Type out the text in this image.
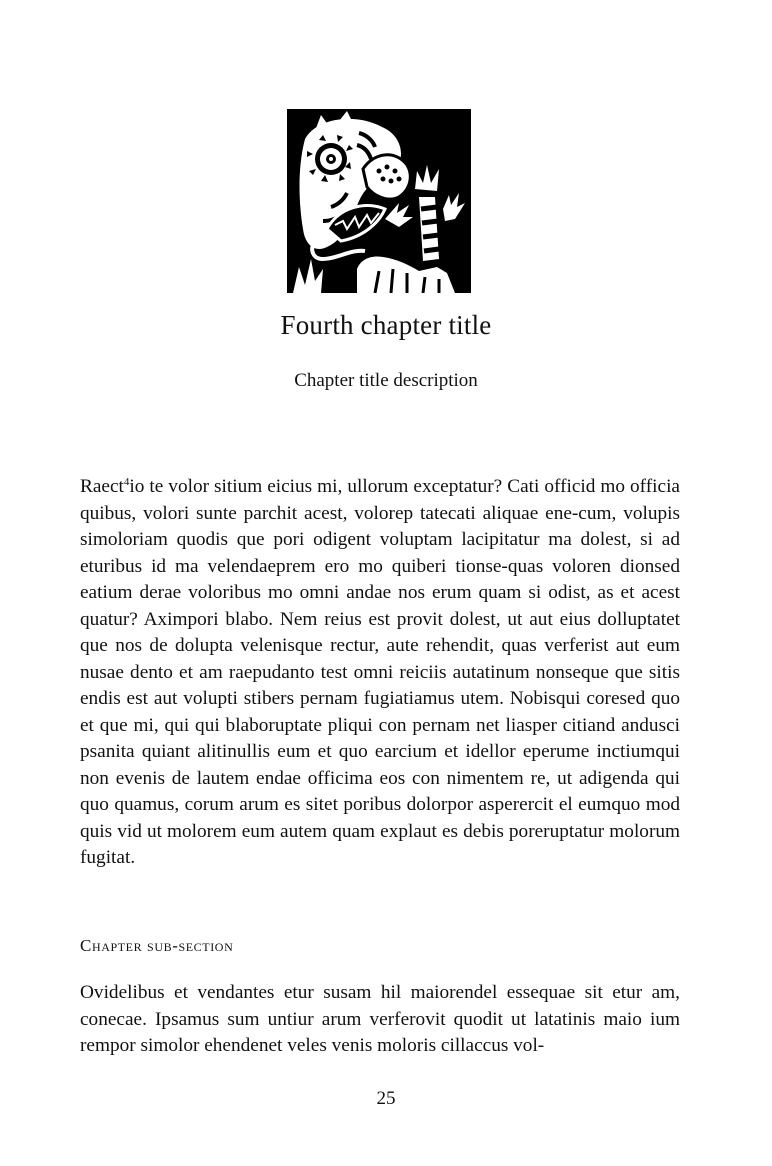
Fourth chapter title
Chapter title description

Raect$^4$io te volor sitium eicius mi, ullorum exceptatur? Cati officid mo officia quibus, volori sunte parchit acest, volorep tatecati aliquae ene-cum, volupis simoloriam quodis que pori odigent voluptam lacipitatur ma dolest, si ad eturibus id ma velendaeprem ero mo quiberi tionse-quas voloren dionsed eatium derae voloribus mo omni andae nos erum quam si odist, as et acest quatur? Aximpori blabo. Nem reius est provit dolest, ut aut eius dolluptatet que nos de dolupta velenisque rectur, aute rehendit, quas verferist aut eum nusae dento et am raepudanto test omni reiciis autatinum nonseque que sitis endis est aut volupti stibers pernam fugiatiamus utem. Nobisqui coresed quo et que mi, qui qui blaboruptate pliqui con pernam net liasper citiand andusci psanita quiant alitinullis eum et quo earcium et idellor eperume inctiumqui non evenis de lautem endae officima eos con nimentem re, ut adigenda qui quo quamus, corum arum es sitet poribus dolorpor asperercit el eumquo mod quis vid ut molorem eum autem quam explaut es debis poreruptatur molorum fugitat.

Chapter sub-section

Ovidelibus et vendantes etur susam hil maiorendel essequae sit etur am, conecae. Ipsamus sum untiur arum verferovit quodit ut latatinis maio ium rempor simolor ehendenet veles venis moloris cillaccus vol-

25
